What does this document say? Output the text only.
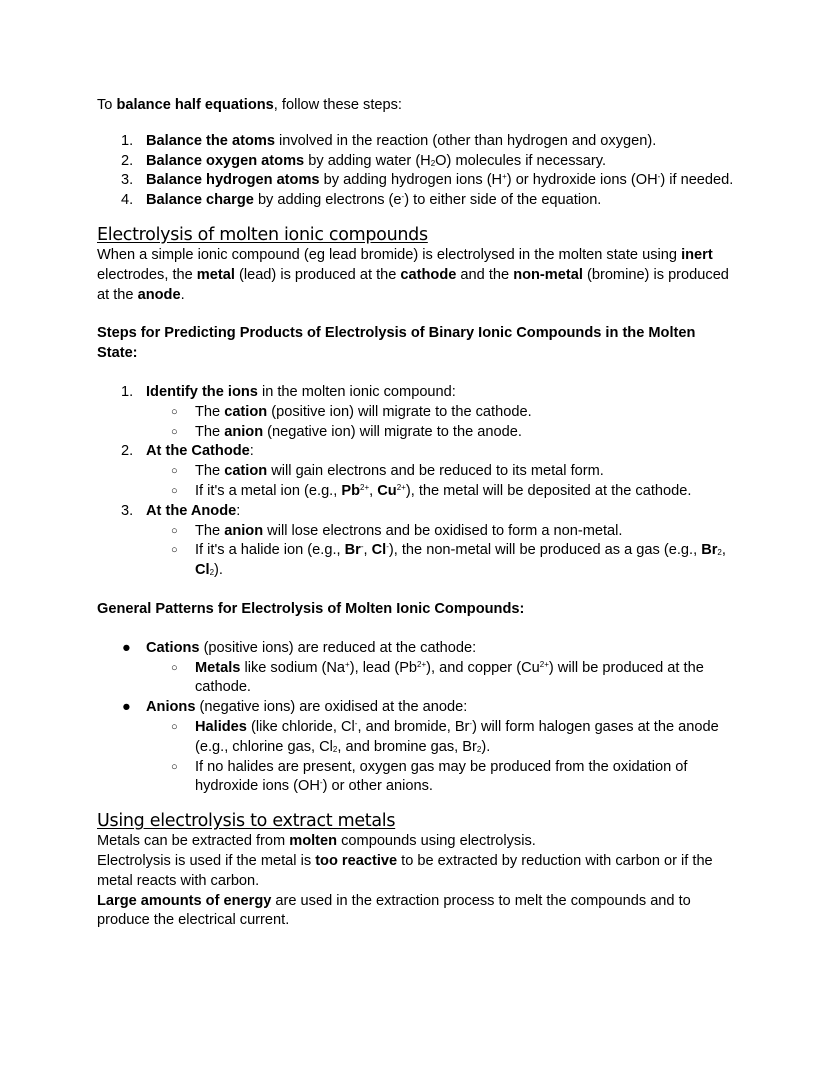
To balance half equations, follow these steps:

1. Balance the atoms involved in the reaction (other than hydrogen and oxygen).
2. Balance oxygen atoms by adding water $(H_2O)$ molecules if necessary.
3. Balance hydrogen atoms by adding hydrogen ions (H+) or hydroxide ions (OH-) if needed.
4. Balance charge by adding electrons (e-) to either side of the equation.
Electrolysis of molten ionic compounds

When a simple ionic compound (eg lead bromide) is electrolysed in the molten state using inert electrodes, the metal (lead) is produced at the cathode and the non-metal (bromine) is produced at the anode.

Steps for Predicting Products of Electrolysis of Binary Ionic Compounds in the Molten State:
1. Identify the ions in the molten ionic compound:
○ The cation (positive ion) will migrate to the cathode.
○ The anion (negative ion) will migrate to the anode.
2. At the Cathode:
○ The cation will gain electrons and be reduced to its metal form.
○ If it's a metal ion (e.g., $Pb^{2+}$, $Cu^{2+}$), the metal will be deposited at the cathode.
3. At the Anode:
○ The anion will lose electrons and be oxidised to form a non-metal.
○ If it's a halide ion (e.g., Br-, Cl-), the non-metal will be produced as a gas (e.g., $Br_2$, $Cl_2$).
General Patterns for Electrolysis of Molten Ionic Compounds:
● Cations (positive ions) are reduced at the cathode:
○ Metals like sodium (Na+), lead $(Pb^{2+})$, and copper $(Cu^{2+})$ will be produced at the cathode.
● Anions (negative ions) are oxidised at the anode:
○ Halides (like chloride, Cl-, and bromide, Br-) will form halogen gases at the anode (e.g., chlorine gas, $Cl_2$, and bromine gas, $Br_2$).
○ If no halides are present, oxygen gas may be produced from the oxidation of hydroxide ions (OH-) or other anions.
Using electrolysis to extract metals

Metals can be extracted from molten compounds using electrolysis.

Electrolysis is used if the metal is too reactive to be extracted by reduction with carbon or if the metal reacts with carbon.

Large amounts of energy are used in the extraction process to melt the compounds and to produce the electrical current.
